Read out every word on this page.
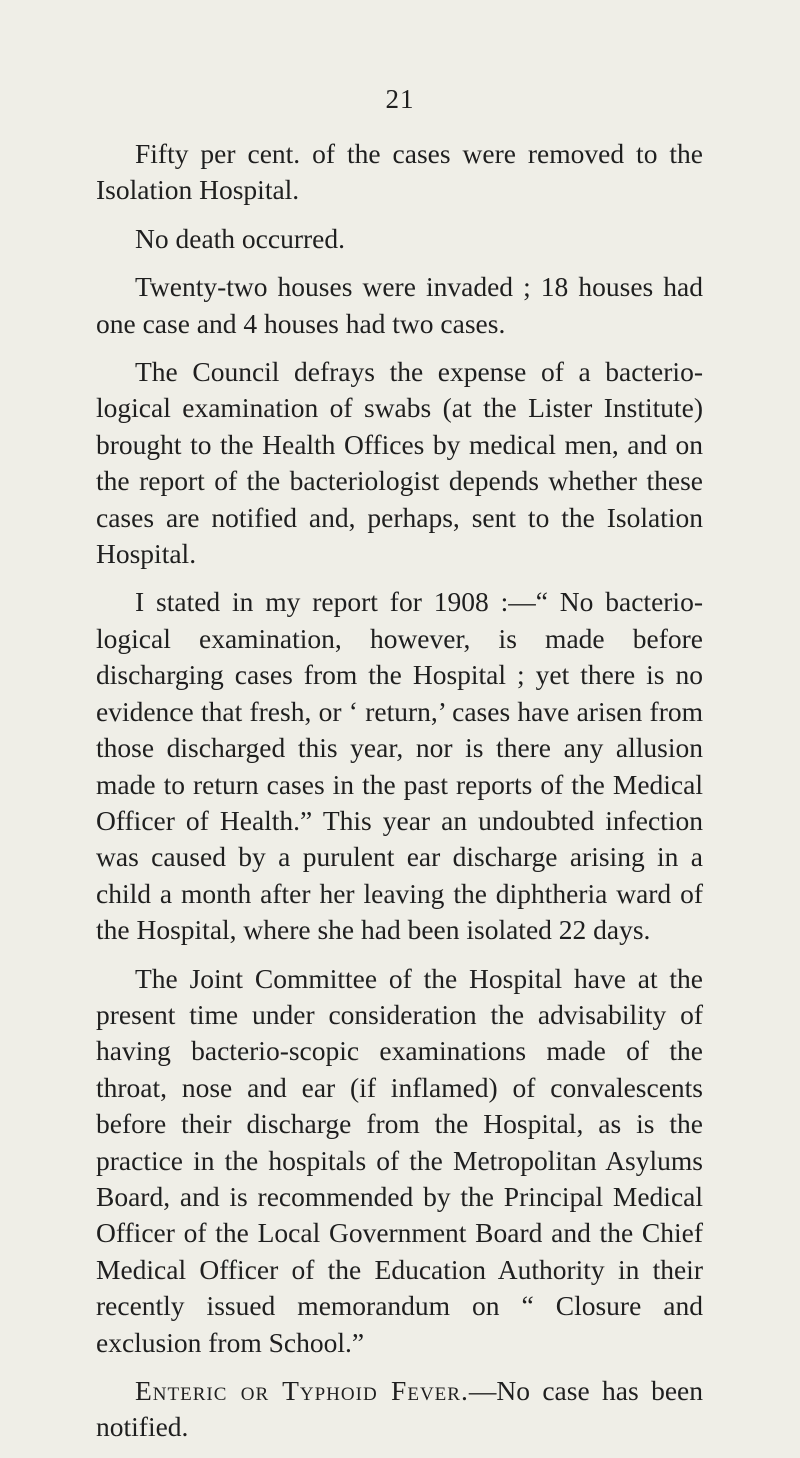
21

Fifty per cent. of the cases were removed to the Isolation Hospital.

No death occurred.

Twenty-two houses were invaded ; 18 houses had one case and 4 houses had two cases.

The Council defrays the expense of a bacteriological examination of swabs (at the Lister Institute) brought to the Health Offices by medical men, and on the report of the bacteriologist depends whether these cases are notified and, perhaps, sent to the Isolation Hospital.

I stated in my report for 1908 :—“ No bacteriological examination, however, is made before discharging cases from the Hospital ; yet there is no evidence that fresh, or ‘ return,’ cases have arisen from those discharged this year, nor is there any allusion made to return cases in the past reports of the Medical Officer of Health.” This year an undoubted infection was caused by a purulent ear discharge arising in a child a month after her leaving the diphtheria ward of the Hospital, where she had been isolated 22 days.

The Joint Committee of the Hospital have at the present time under consideration the advisability of having bacterio-scopic examinations made of the throat, nose and ear (if inflamed) of convalescents before their discharge from the Hospital, as is the practice in the hospitals of the Metropolitan Asylums Board, and is recommended by the Principal Medical Officer of the Local Government Board and the Chief Medical Officer of the Education Authority in their recently issued memorandum on “ Closure and exclusion from School.”

Enteric or Typhoid Fever.—No case has been notified.
